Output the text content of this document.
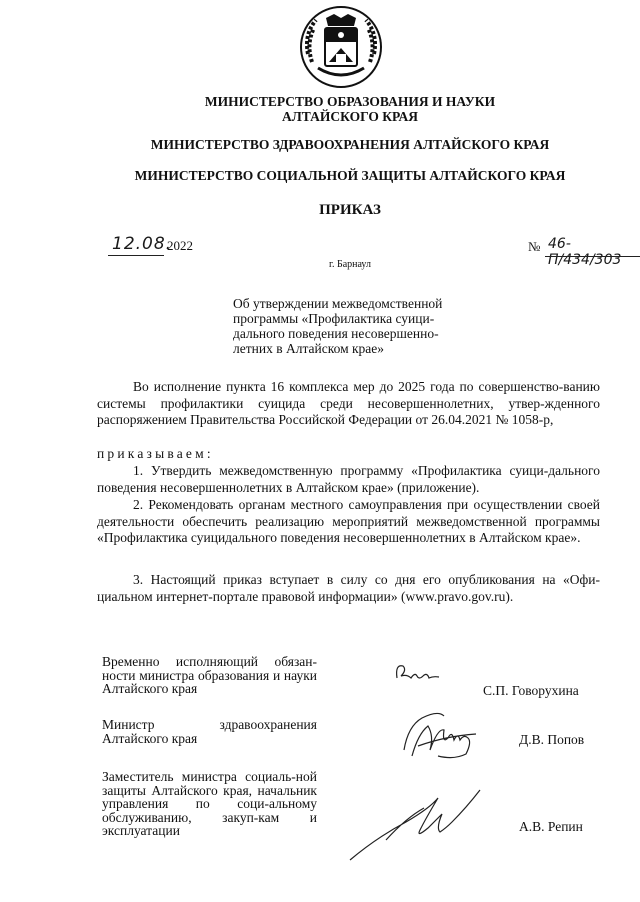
МИНИСТЕРСТВО ОБРАЗОВАНИЯ И НАУКИ
АЛТАЙСКОГО КРАЯ
МИНИСТЕРСТВО ЗДРАВООХРАНЕНИЯ АЛТАЙСКОГО КРАЯ
МИНИСТЕРСТВО СОЦИАЛЬНОЙ ЗАЩИТЫ АЛТАЙСКОГО КРАЯ
ПРИКАЗ
12.08.
2022	№ 46-П/434/303
г. Барнаул
Об утверждении межведомственной
программы «Профилактика суици-
дального поведения несовершенно-
летних в Алтайском крае»
Во исполнение пункта 16 комплекса мер до 2025 года по совершенство-ванию системы профилактики суицида среди несовершеннолетних, утвер-жденного распоряжением Правительства Российской Федерации от 26.04.2021 № 1058-р,
приказываем:
1. Утвердить межведомственную программу «Профилактика суици-дального поведения несовершеннолетних в Алтайском крае» (приложение).
2. Рекомендовать органам местного самоуправления при осуществлении своей деятельности обеспечить реализацию мероприятий межведомственной программы «Профилактика суицидального поведения несовершеннолетних в Алтайском крае».
3. Настоящий приказ вступает в силу со дня его опубликования на «Офи-циальном интернет-портале правовой информации» (www.pravo.gov.ru).
Временно исполняющий обязан-ности министра образования и науки Алтайского края	С.П. Говорухина
Министр здравоохранения Алтайского края	Д.В. Попов
Заместитель министра социаль-ной защиты Алтайского края, начальник управления по соци-альному обслуживанию, закуп-кам и эксплуатации	А.В. Репин
